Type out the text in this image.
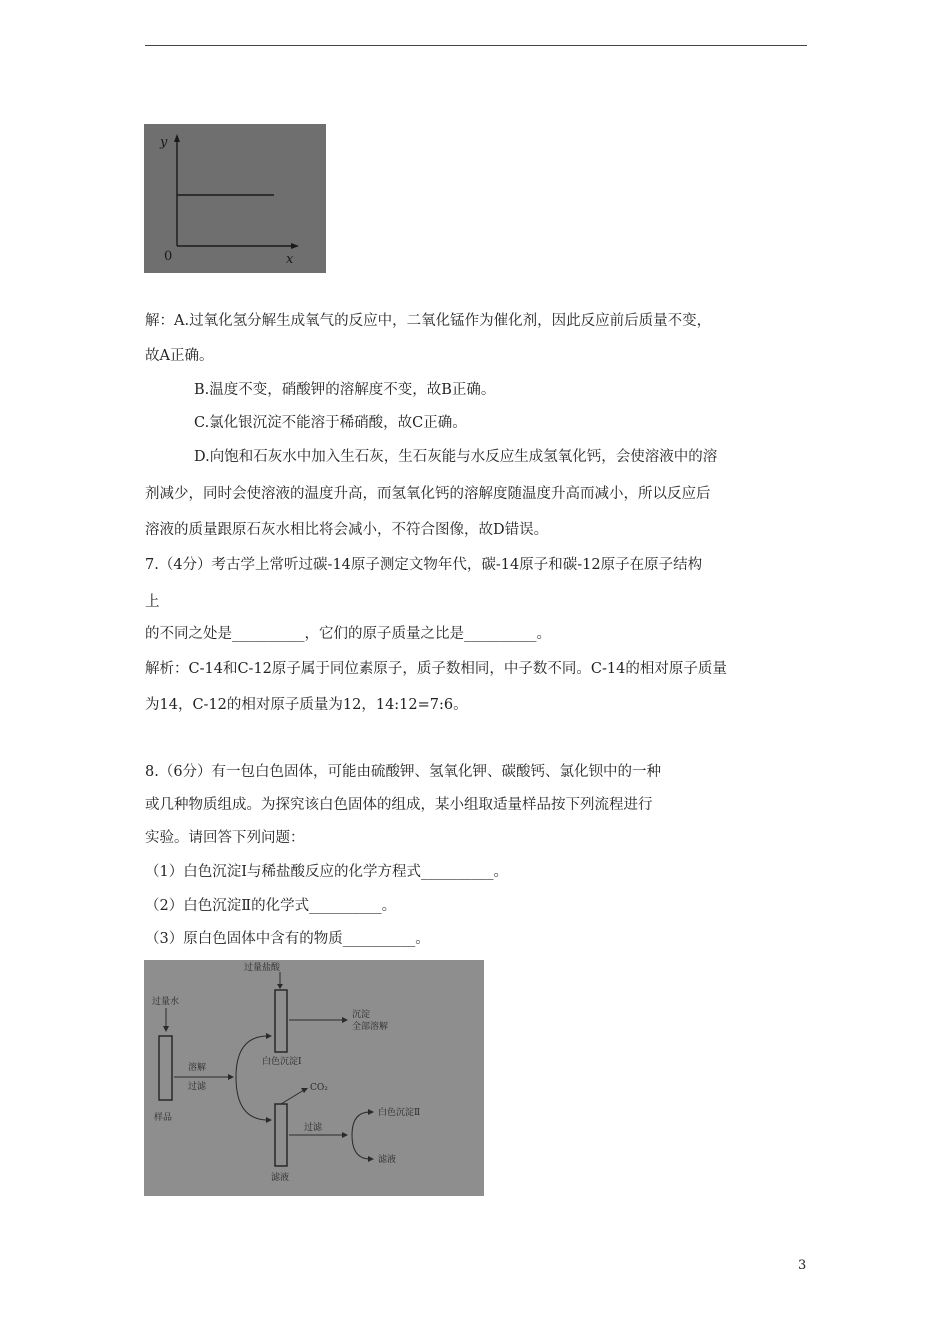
y
0	x
解：A.过氧化氢分解生成氧气的反应中，二氧化锰作为催化剂，因此反应前后质量不变，
故A正确。
B.温度不变，硝酸钾的溶解度不变，故B正确。
C.氯化银沉淀不能溶于稀硝酸，故C正确。
D.向饱和石灰水中加入生石灰，生石灰能与水反应生成氢氧化钙，会使溶液中的溶
剂减少，同时会使溶液的温度升高，而氢氧化钙的溶解度随温度升高而减小，所以反应后
溶液的质量跟原石灰水相比将会减小，不符合图像，故D错误。
7.（4分）考古学上常听过碳-14原子测定文物年代，碳-14原子和碳-12原子在原子结构
上
的不同之处是__________，它们的原子质量之比是__________。
解析：C-14和C-12原子属于同位素原子，质子数相同，中子数不同。C-14的相对原子质量
为14，C-12的相对原子质量为12，14:12=7:6。
8.（6分）有一包白色固体，可能由硫酸钾、氢氧化钾、碳酸钙、氯化钡中的一种
或几种物质组成。为探究该白色固体的组成，某小组取适量样品按下列流程进行
实验。请回答下列问题：
（1）白色沉淀Ⅰ与稀盐酸反应的化学方程式__________。
（2）白色沉淀Ⅱ的化学式__________。
（3）原白色固体中含有的物质__________。
过量盐酸
沉淀
全部溶解
白色沉淀Ⅰ
过量水
样品
溶解
过滤	CO₂
滤液
过滤
白色沉淀Ⅱ
滤液
3
